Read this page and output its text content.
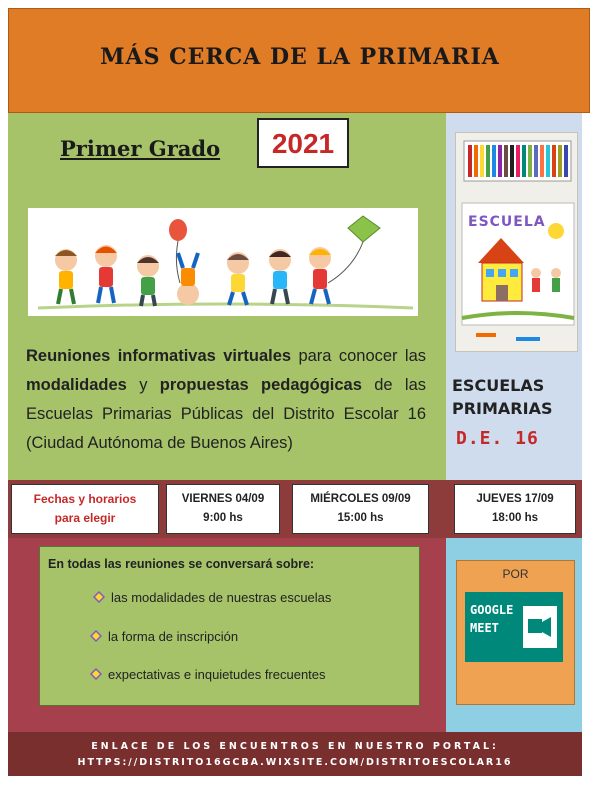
MÁS CERCA DE LA PRIMARIA
Primer Grado	2021
Reuniones informativas virtuales para conocer las modalidades y propuestas pedagógicas de las Escuelas Primarias Públicas del Distrito Escolar 16 (Ciudad Autónoma de Buenos Aires)
ESCUELA
ESCUELAS PRIMARIAS
D.E. 16
Fechas y horarios
para elegir
VIERNES 04/09
9:00 hs
MIÉRCOLES 09/09
15:00 hs
JUEVES 17/09
18:00 hs
En todas las reuniones se conversará sobre:
las modalidades de nuestras escuelas
la forma de inscripción
expectativas e inquietudes frecuentes
POR
GOOGLE
MEET
ENLACE DE LOS ENCUENTROS EN NUESTRO PORTAL:
HTTPS://DISTRITO16GCBA.WIXSITE.COM/DISTRITOESCOLAR16
